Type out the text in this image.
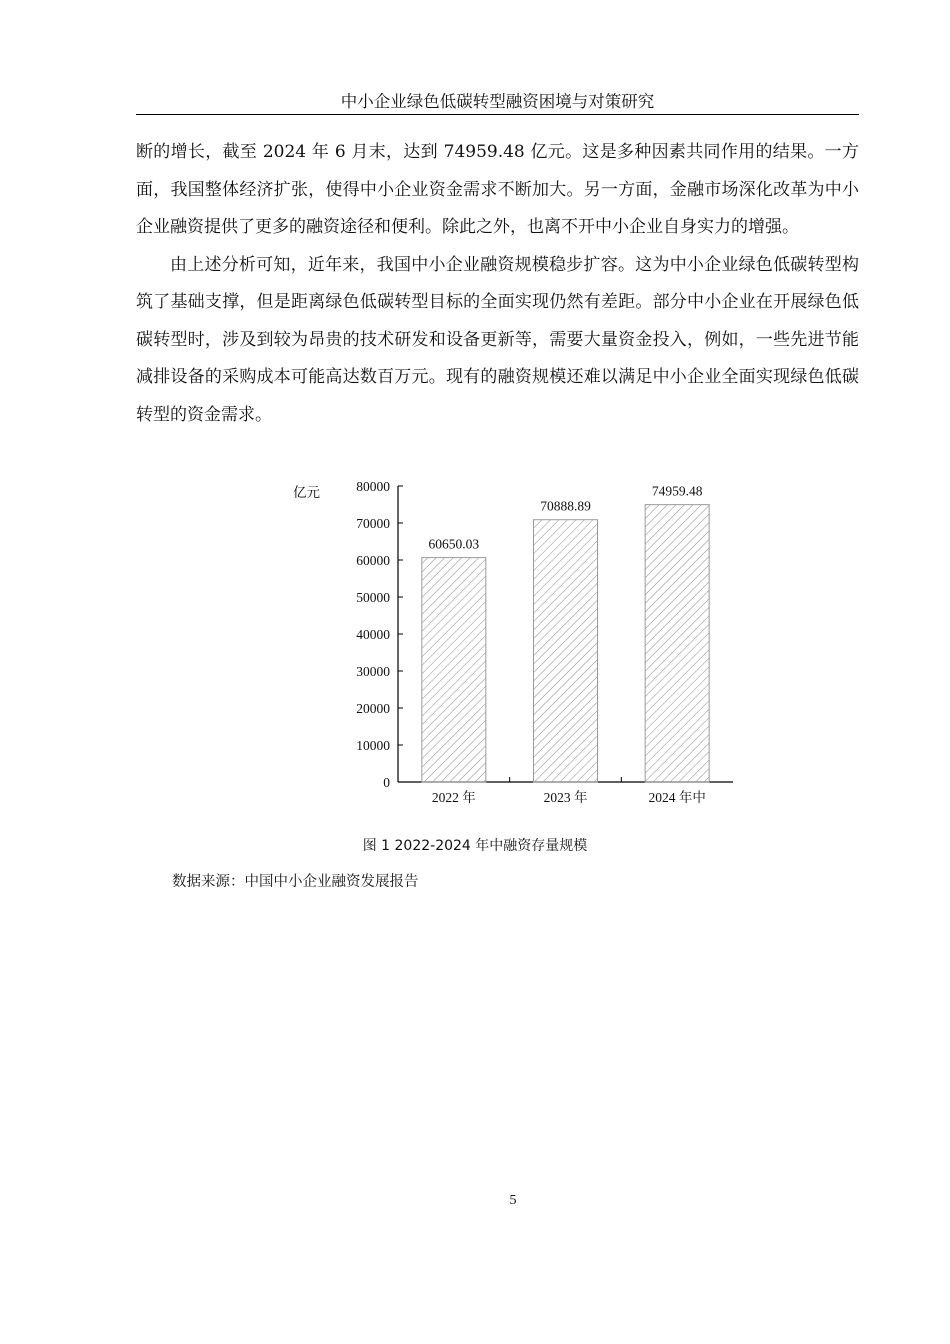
中小企业绿色低碳转型融资困境与对策研究

断的增长，截至 2024 年 6 月末，达到 74959.48 亿元。这是多种因素共同作用的结果。一方面，我国整体经济扩张，使得中小企业资金需求不断加大。另一方面，金融市场深化改革为中小企业融资提供了更多的融资途径和便利。除此之外，也离不开中小企业自身实力的增强。

由上述分析可知，近年来，我国中小企业融资规模稳步扩容。这为中小企业绿色低碳转型构筑了基础支撑，但是距离绿色低碳转型目标的全面实现仍然有差距。部分中小企业在开展绿色低碳转型时，涉及到较为昂贵的技术研发和设备更新等，需要大量资金投入，例如，一些先进节能减排设备的采购成本可能高达数百万元。现有的融资规模还难以满足中小企业全面实现绿色低碳转型的资金需求。

亿元
0
10000
20000
30000
40000
50000
60000
70000
80000
60650.03
2022 年
70888.89
2023 年
74959.48
2024 年中
图 1 2022-2024 年中融资存量规模
数据来源：中国中小企业融资发展报告
5
